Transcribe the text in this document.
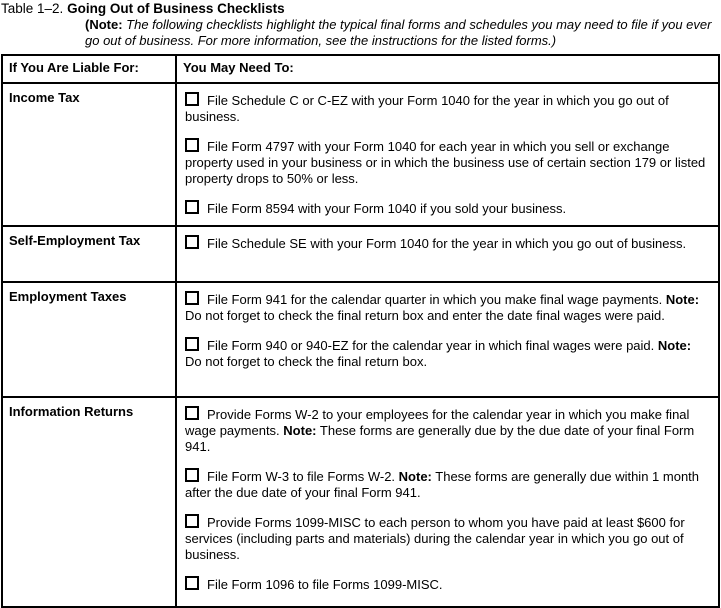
Table 1–2. Going Out of Business Checklists
(Note: The following checklists highlight the typical final forms and schedules you may need to file if you ever go out of business. For more information, see the instructions for the listed forms.)
If You Are Liable For:	You May Need To:
Income Tax	File Schedule C or C-EZ with your Form 1040 for the year in which you go out of business.
File Form 4797 with your Form 1040 for each year in which you sell or exchange property used in your business or in which the business use of certain section 179 or listed property drops to 50% or less.
File Form 8594 with your Form 1040 if you sold your business.

Self-Employment Tax	File Schedule SE with your Form 1040 for the year in which you go out of business.

Employment Taxes	File Form 941 for the calendar quarter in which you make final wage payments. Note: Do not forget to check the final return box and enter the date final wages were paid.
File Form 940 or 940-EZ for the calendar year in which final wages were paid. Note: Do not forget to check the final return box.

Information Returns	Provide Forms W-2 to your employees for the calendar year in which you make final wage payments. Note: These forms are generally due by the due date of your final Form 941.
File Form W-3 to file Forms W-2. Note: These forms are generally due within 1 month after the due date of your final Form 941.
Provide Forms 1099-MISC to each person to whom you have paid at least $600 for services (including parts and materials) during the calendar year in which you go out of business.
File Form 1096 to file Forms 1099-MISC.
